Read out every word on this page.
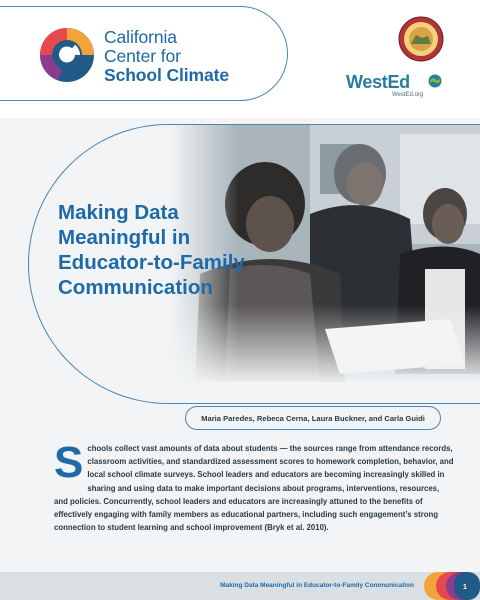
California
Center for
School Climate	WestEd
WestEd.org
Making Data
Meaningful in
Educator-to-Family
Communication
Maria Paredes, Rebeca Cerna, Laura Buckner, and Carla Guidi
Schools collect vast amounts of data about students — the sources range from attendance records, classroom activities, and standardized assessment scores to homework completion, behavior, and local school climate surveys. School leaders and educators are becoming increasingly skilled in sharing and using data to make important decisions about programs, interventions, resources, and policies. Concurrently, school leaders and educators are increasingly attuned to the benefits of effectively engaging with family members as educational partners, including such engagement’s strong connection to student learning and school improvement (Bryk et al. 2010).
Making Data Meaningful in Educator-to-Family Communication	1
